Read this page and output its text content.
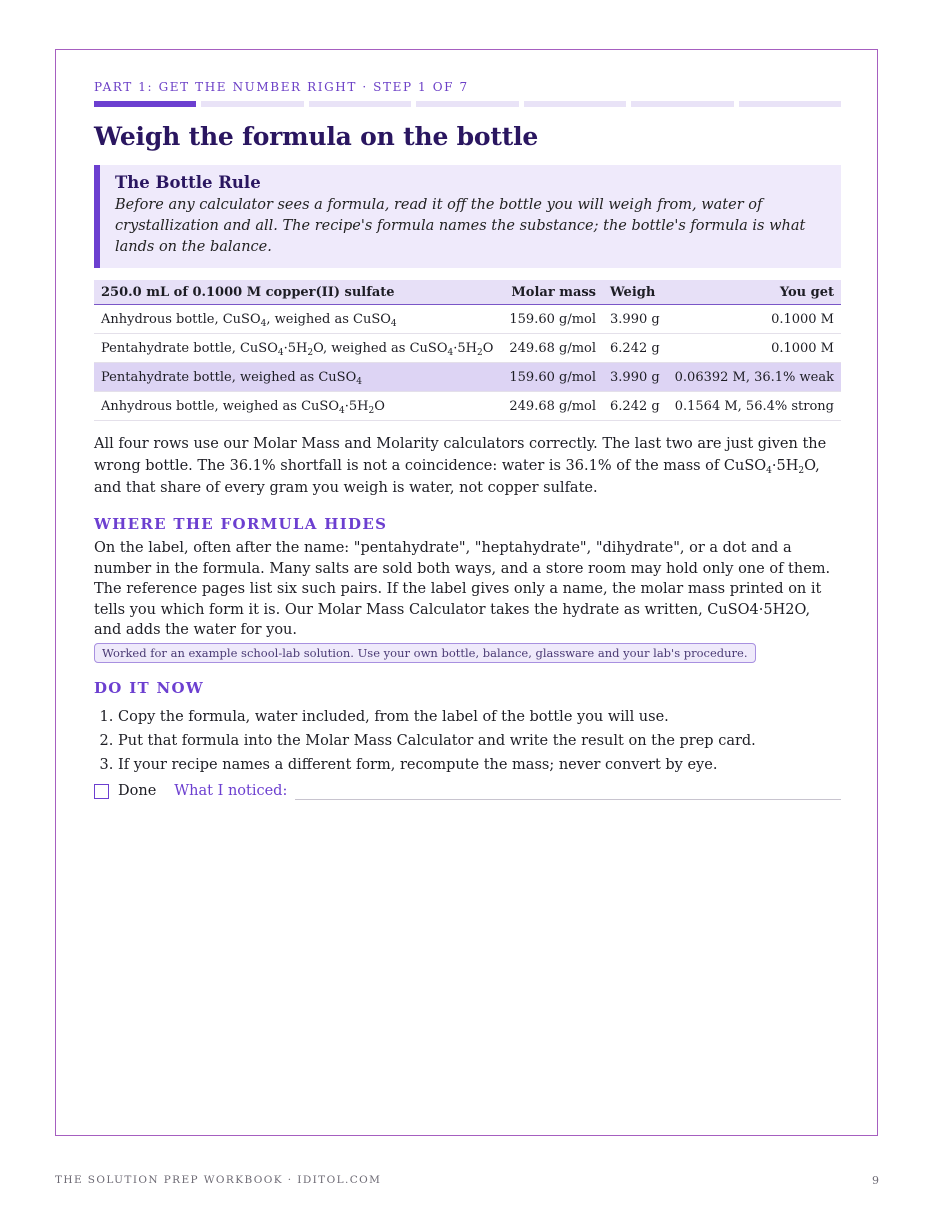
PART 1: GET THE NUMBER RIGHT · STEP 1 OF 7
Weigh the formula on the bottle
The Bottle Rule
Before any calculator sees a formula, read it off the bottle you will weigh from, water of crystallization and all. The recipe's formula names the substance; the bottle's formula is what lands on the balance.
250.0 mL of 0.1000 M copper(II) sulfate	Molar mass	Weigh	You get
Anhydrous bottle, CuSO$_4$, weighed as CuSO$_4$	159.60 g/mol	3.990 g	0.1000 M
Pentahydrate bottle, $CuSO_4\cdot 5H_2O$, weighed as $CuSO_4\cdot 5H_2O$	249.68 g/mol	6.242 g	0.1000 M
Pentahydrate bottle, weighed as CuSO$_4$	159.60 g/mol	3.990 g	0.06392 M, 36.1% weak
Anhydrous bottle, weighed as $CuSO_4\cdot 5H_2O$	249.68 g/mol	6.242 g	0.1564 M, 56.4% strong
All four rows use our Molar Mass and Molarity calculators correctly. The last two are just given the wrong bottle. The 36.1% shortfall is not a coincidence: water is 36.1% of the mass of $CuSO_4\cdot 5H_2O$, and that share of every gram you weigh is water, not copper sulfate.
WHERE THE FORMULA HIDES
On the label, often after the name: "pentahydrate", "heptahydrate", "dihydrate", or a dot and a number in the formula. Many salts are sold both ways, and a store room may hold only one of them. The reference pages list six such pairs. If the label gives only a name, the molar mass printed on it tells you which form it is. Our Molar Mass Calculator takes the hydrate as written, CuSO4·5H2O, and adds the water for you.
Worked for an example school-lab solution. Use your own bottle, balance, glassware and your lab's procedure.
DO IT NOW
1. Copy the formula, water included, from the label of the bottle you will use.
2. Put that formula into the Molar Mass Calculator and write the result on the prep card.
3. If your recipe names a different form, recompute the mass; never convert by eye.
Done What I noticed:
THE SOLUTION PREP WORKBOOK · IDITOL.COM	9
